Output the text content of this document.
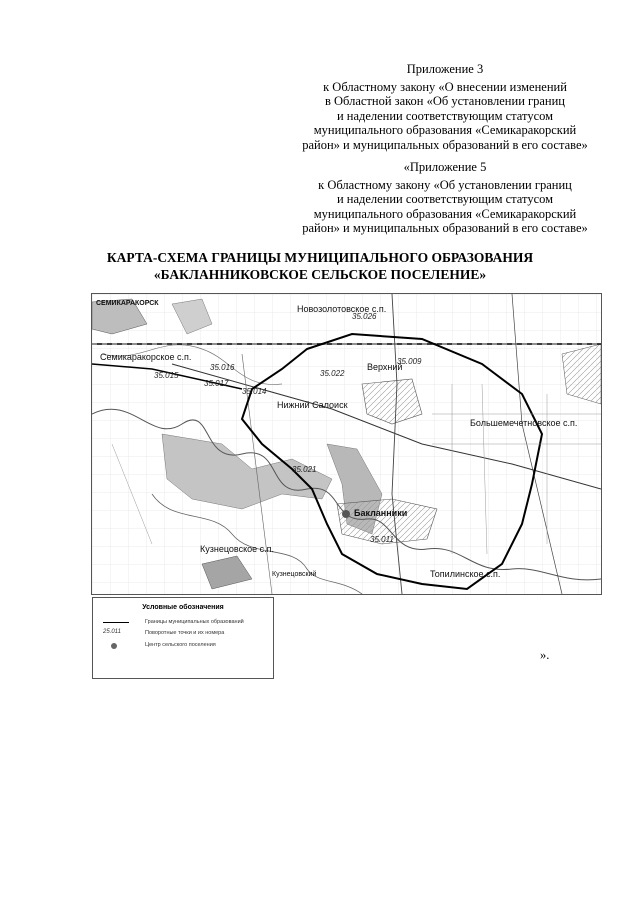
Приложение 3
к Областному закону «О внесении изменений
в Областной закон «Об установлении границ
и наделении соответствующим статусом
муниципального образования «Семикаракорский
район» и муниципальных образований в его составе»
«Приложение 5
к Областному закону «Об установлении границ
и наделении соответствующим статусом
муниципального образования «Семикаракорский
район» и муниципальных образований в его составе»
КАРТА-СХЕМА ГРАНИЦЫ МУНИЦИПАЛЬНОГО ОБРАЗОВАНИЯ
«БАКЛАННИКОВСКОЕ СЕЛЬСКОЕ ПОСЕЛЕНИЕ»
СЕМИКАРАКОРСК
Семикаракорское с.п.
Новозолотовское с.п.
Верхний
Нижний Салоиск
Большемечетновское с.п.
Бакланники
Кузнецовское с.п.
Кузнецовский	Топилинское с.п.
35.026
35.022
35.016
35.015
35.017
35.014
35.021
35.009
35.011
Условные обозначения
Границы муниципальных образований
25.011	Поворотные точки и их номера
Центр сельского поселения
».
